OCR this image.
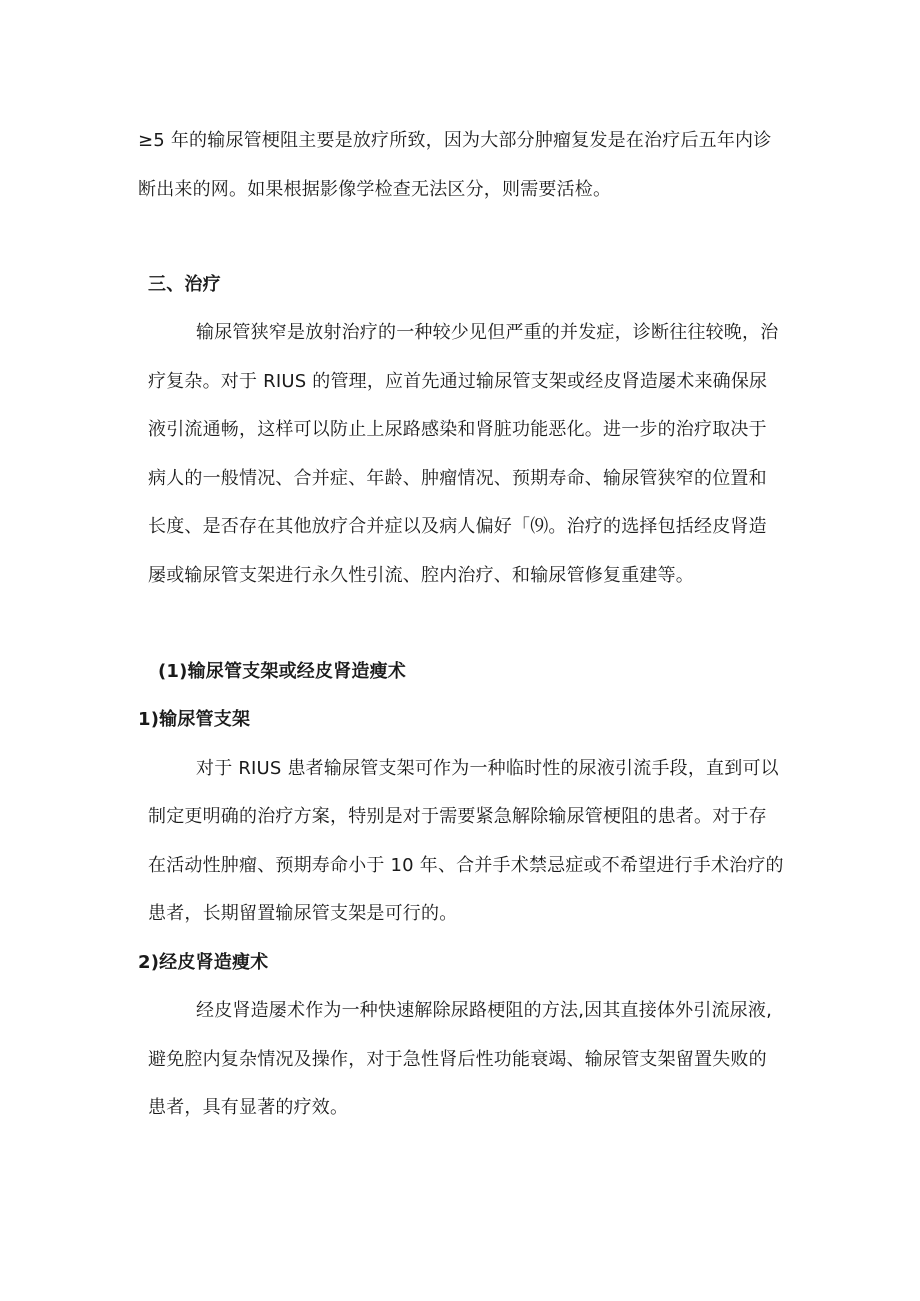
≥5 年的输尿管梗阻主要是放疗所致，因为大部分肿瘤复发是在治疗后五年内诊
断出来的网。如果根据影像学检查无法区分，则需要活检。
三、治疗
输尿管狭窄是放射治疗的一种较少见但严重的并发症，诊断往往较晚，治
疗复杂。对于 RIUS 的管理，应首先通过输尿管支架或经皮肾造屡术来确保尿
液引流通畅，这样可以防止上尿路感染和肾脏功能恶化。进一步的治疗取决于
病人的一般情况、合并症、年龄、肿瘤情况、预期寿命、输尿管狭窄的位置和
长度、是否存在其他放疗合并症以及病人偏好「⑼。治疗的选择包括经皮肾造
屡或输尿管支架进行永久性引流、腔内治疗、和输尿管修复重建等。
(1)输尿管支架或经皮肾造瘦术
1)输尿管支架
对于 RIUS 患者输尿管支架可作为一种临时性的尿液引流手段，直到可以
制定更明确的治疗方案，特别是对于需要紧急解除输尿管梗阻的患者。对于存
在活动性肿瘤、预期寿命小于 10 年、合并手术禁忌症或不希望进行手术治疗的
患者，长期留置输尿管支架是可行的。
2)经皮肾造瘦术
经皮肾造屡术作为一种快速解除尿路梗阻的方法,因其直接体外引流尿液,
避免腔内复杂情况及操作，对于急性肾后性功能衰竭、输尿管支架留置失败的
患者，具有显著的疗效。
